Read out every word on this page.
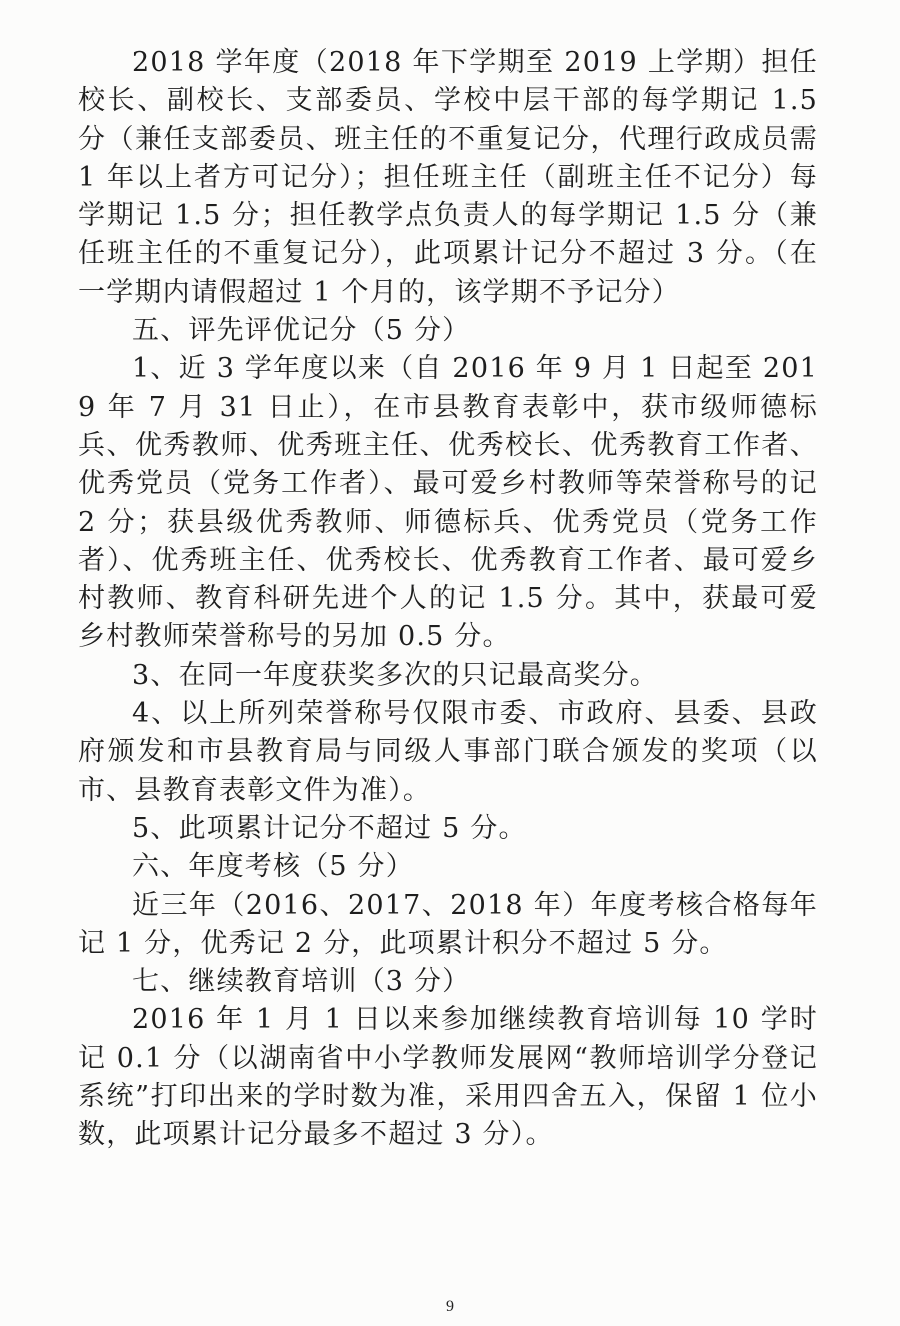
2018 学年度（2018 年下学期至 2019 上学期）担任校长、副校长、支部委员、学校中层干部的每学期记 1.5 分（兼任支部委员、班主任的不重复记分，代理行政成员需 1 年以上者方可记分）；担任班主任（副班主任不记分）每学期记 1.5 分；担任教学点负责人的每学期记 1.5 分（兼任班主任的不重复记分），此项累计记分不超过 3 分。（在一学期内请假超过 1 个月的，该学期不予记分）

五、评先评优记分（5 分）

1、近 3 学年度以来（自 2016 年 9 月 1 日起至 2019 年 7 月 31 日止），在市县教育表彰中，获市级师德标兵、优秀教师、优秀班主任、优秀校长、优秀教育工作者、优秀党员（党务工作者）、最可爱乡村教师等荣誉称号的记 2 分；获县级优秀教师、师德标兵、优秀党员（党务工作者）、优秀班主任、优秀校长、优秀教育工作者、最可爱乡村教师、教育科研先进个人的记 1.5 分。其中，获最可爱乡村教师荣誉称号的另加 0.5 分。

3、在同一年度获奖多次的只记最高奖分。

4、以上所列荣誉称号仅限市委、市政府、县委、县政府颁发和市县教育局与同级人事部门联合颁发的奖项（以市、县教育表彰文件为准）。

5、此项累计记分不超过 5 分。

六、年度考核（5 分）

近三年（2016、2017、2018 年）年度考核合格每年记 1 分，优秀记 2 分，此项累计积分不超过 5 分。

七、继续教育培训（3 分）

2016 年 1 月 1 日以来参加继续教育培训每 10 学时记 0.1 分（以湖南省中小学教师发展网“教师培训学分登记系统”打印出来的学时数为准，采用四舍五入，保留 1 位小数，此项累计记分最多不超过 3 分）。

9
